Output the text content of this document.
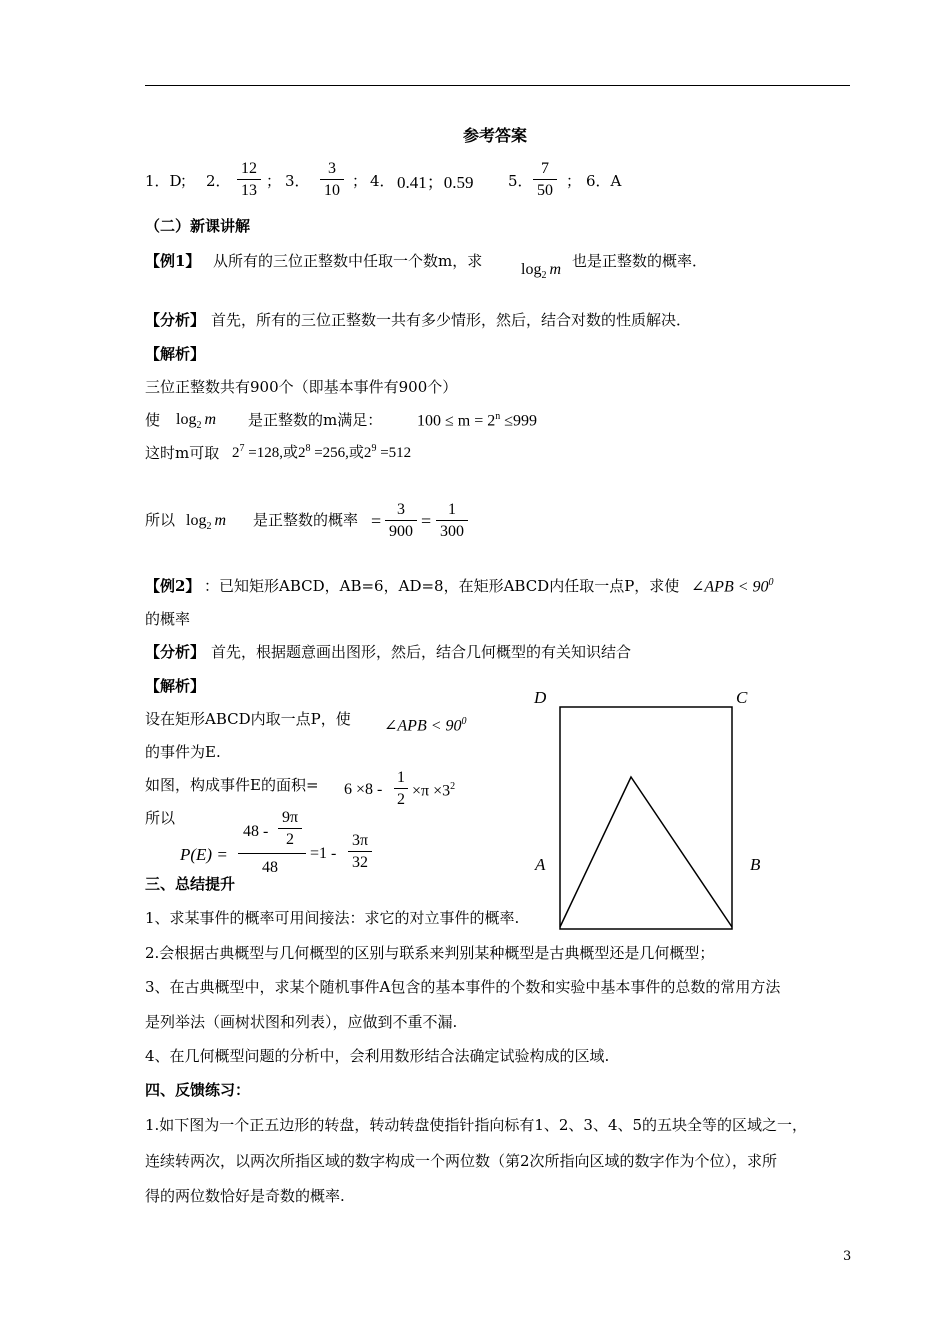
参考答案
1．D
； 2．
12
13
； 3．
3
10
； 4． 0.41；0.59 5．
7
50
； 6．A
（二）新课讲解
【例1】 从所有的三位正整数中任取一个数m，求 $\log_2 m$ 也是正整数的概率．
【分析】 首先，所有的三位正整数一共有多少情形，然后，结合对数的性质解决．
【解析】
三位正整数共有900个（即基本事件有900个）
使 $\log_2 m$ 是正整数的m满足： $100 \le m = 2^n \le 999$
这时m可取 $2^7 =128$,或$2^8 =256$,或$2^9 =512$
所以 $\log_2 m$ 是正整数的概率 =
3
900
=
1
300
【例2】 ：已知矩形ABCD，AB=6，AD=8，在矩形ABCD内任取一点P，求使 ∠APB < $90^0$
的概率
【分析】 首先，根据题意画出图形，然后，结合几何概型的有关知识结合
【解析】
设在矩形ABCD内取一点P，使 ∠APB < $90^0$
的事件为E.
如图，构成事件E的面积= 6 ×8 -
1
2
$\times\pi \times 3^2$
所以
P(E) =
48 -
9π
2
48
=1 -
3π
32
D	C
A	B
三、总结提升
1、求某事件的概率可用间接法：求它的对立事件的概率.
2.会根据古典概型与几何概型的区别与联系来判别某种概型是古典概型还是几何概型；
3、在古典概型中，求某个随机事件A包含的基本事件的个数和实验中基本事件的总数的常用方法
是列举法（画树状图和列表），应做到不重不漏.
4、在几何概型问题的分析中，会利用数形结合法确定试验构成的区域.
四、反馈练习：
1.如下图为一个正五边形的转盘，转动转盘使指针指向标有1、2、3、4、5的五块全等的区域之一，
连续转两次，以两次所指区域的数字构成一个两位数（第2次所指向区域的数字作为个位），求所
得的两位数恰好是奇数的概率.
3
